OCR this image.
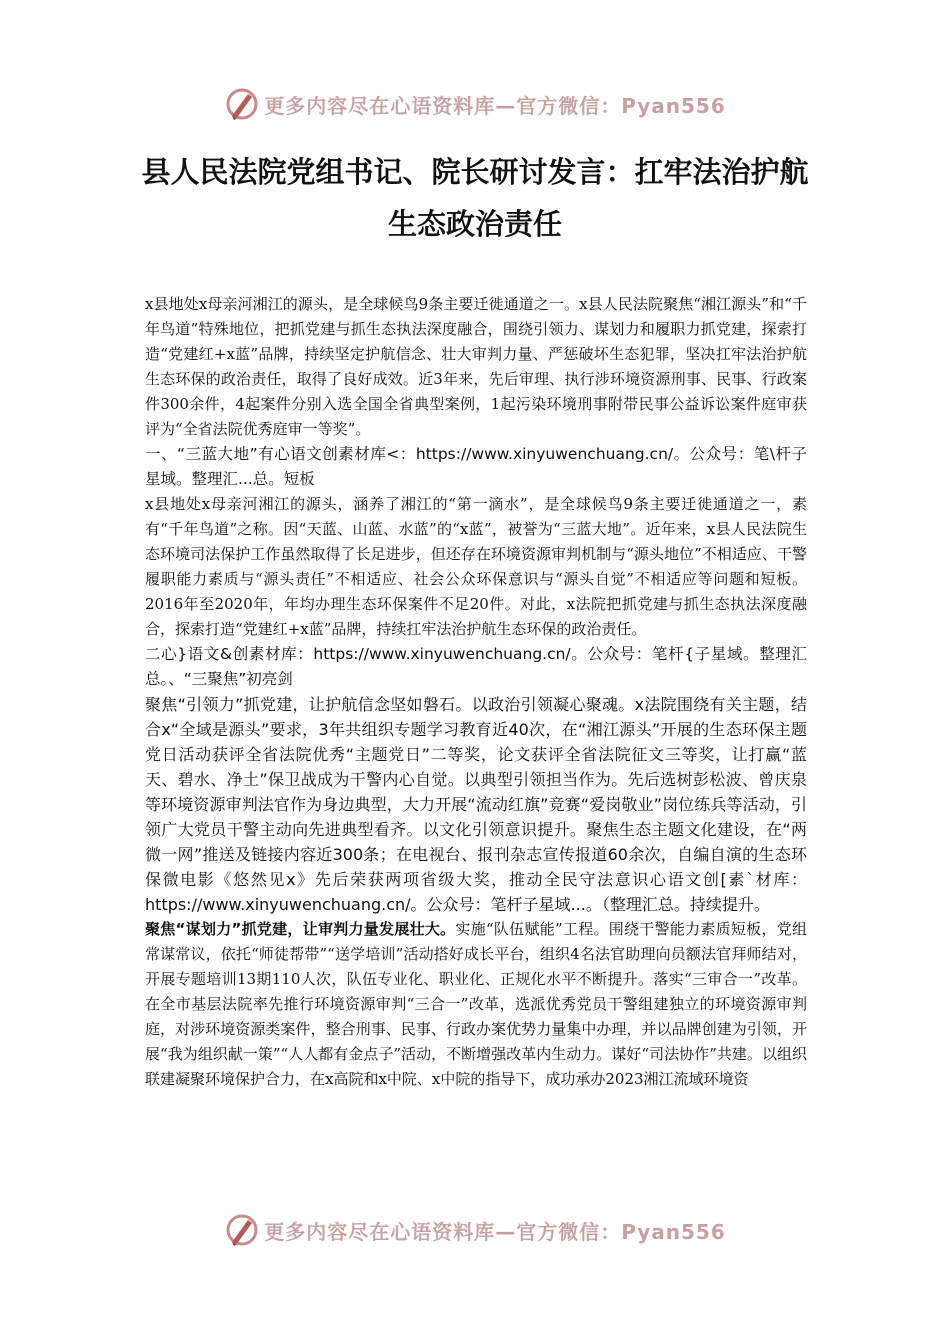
更多内容尽在心语资料库—官方微信：Pyan556
县人民法院党组书记、院长研讨发言：扛牢法治护航
生态政治责任

x县地处x母亲河湘江的源头，是全球候鸟9条主要迁徙通道之一。x县人民法院聚焦“湘江源头”和“千年鸟道”特殊地位，把抓党建与抓生态执法深度融合，围绕引领力、谋划力和履职力抓党建，探索打造“党建红+x蓝”品牌，持续坚定护航信念、壮大审判力量、严惩破坏生态犯罪，坚决扛牢法治护航生态环保的政治责任，取得了良好成效。近3年来，先后审理、执行涉环境资源刑事、民事、行政案件300余件，4起案件分别入选全国全省典型案例，1起污染环境刑事附带民事公益诉讼案件庭审获评为“全省法院优秀庭审一等奖”。

一、“三蓝大地”有心语文创素材库<：https://www.xinyuwenchuang.cn/。公众号：笔\杆子星域。整理汇...总。短板

x县地处x母亲河湘江的源头，涵养了湘江的“第一滴水”，是全球候鸟9条主要迁徙通道之一，素有“千年鸟道”之称。因“天蓝、山蓝、水蓝”的“x蓝”，被誉为“三蓝大地”。近年来，x县人民法院生态环境司法保护工作虽然取得了长足进步，但还存在环境资源审判机制与“源头地位”不相适应、干警履职能力素质与“源头责任”不相适应、社会公众环保意识与“源头自觉”不相适应等问题和短板。2016年至2020年，年均办理生态环保案件不足20件。对此，x法院把抓党建与抓生态执法深度融合，探索打造“党建红+x蓝”品牌，持续扛牢法治护航生态环保的政治责任。

二心}语文&创素材库：https://www.xinyuwenchuang.cn/。公众号：笔杆{子星域。整理汇总。、“三聚焦”初亮剑

聚焦“引领力”抓党建，让护航信念坚如磐石。以政治引领凝心聚魂。x法院围绕有关主题，结合x“全域是源头”要求，3年共组织专题学习教育近40次，在“湘江源头”开展的生态环保主题党日活动获评全省法院优秀“主题党日”二等奖，论文获评全省法院征文三等奖，让打赢“蓝天、碧水、净土”保卫战成为干警内心自觉。以典型引领担当作为。先后选树彭松波、曾庆泉等环境资源审判法官作为身边典型，大力开展“流动红旗”竞赛“爱岗敬业”岗位练兵等活动，引领广大党员干警主动向先进典型看齐。以文化引领意识提升。聚焦生态主题文化建设，在“两微一网”推送及链接内容近300条；在电视台、报刊杂志宣传报道60余次，自编自演的生态环保微电影《悠然见x》先后荣获两项省级大奖，推动全民守法意识心语文创[素`材库：https://www.xinyuwenchuang.cn/。公众号：笔杆子星域...。（整理汇总。持续提升。

聚焦“谋划力”抓党建，让审判力量发展壮大。实施“队伍赋能”工程。围绕干警能力素质短板，党组常谋常议，依托“师徒帮带”“送学培训”活动搭好成长平台，组织4名法官助理向员额法官拜师结对，开展专题培训13期110人次，队伍专业化、职业化、正规化水平不断提升。落实“三审合一”改革。在全市基层法院率先推行环境资源审判“三合一”改革，选派优秀党员干警组建独立的环境资源审判庭，对涉环境资源类案件，整合刑事、民事、行政办案优势力量集中办理，并以品牌创建为引领，开展“我为组织献一策”“人人都有金点子”活动，不断增强改革内生动力。谋好“司法协作”共建。以组织联建凝聚环境保护合力，在x高院和x中院、x中院的指导下，成功承办2023湘江流域环境资

更多内容尽在心语资料库—官方微信：Pyan556
